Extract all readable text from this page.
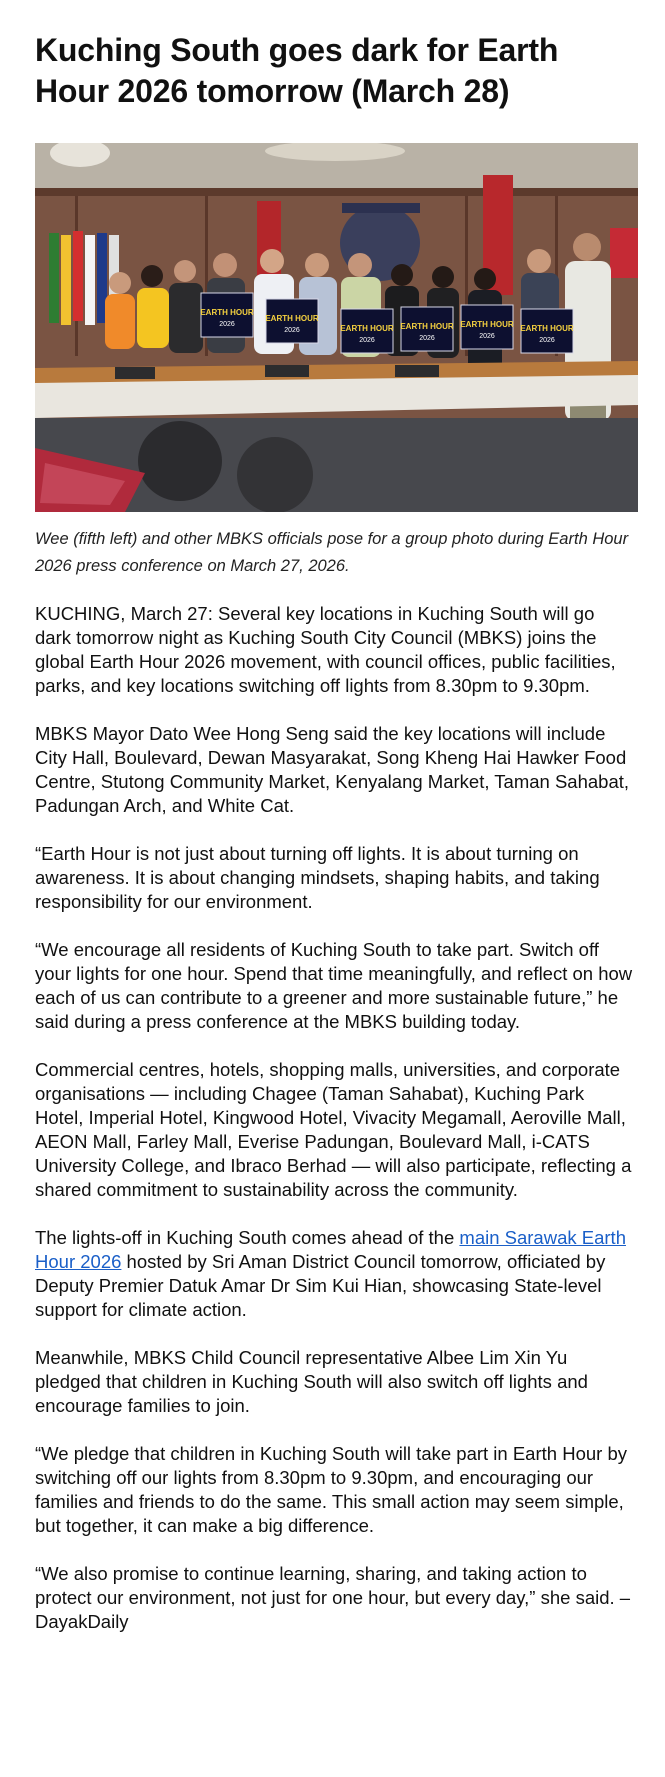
Kuching South goes dark for Earth Hour 2026 tomorrow (March 28)
EARTH HOUR
EARTH HOUR
EARTH HOUR EARTH HOUR EARTH HOUR EARTH HOUR
2026
2026
2026	2026	2026
2026

Wee (fifth left) and other MBKS officials pose for a group photo during Earth Hour 2026 press conference on March 27, 2026.

KUCHING, March 27: Several key locations in Kuching South will go dark tomorrow night as Kuching South City Council (MBKS) joins the global Earth Hour 2026 movement, with council offices, public facilities, parks, and key locations switching off lights from 8.30pm to 9.30pm.

MBKS Mayor Dato Wee Hong Seng said the key locations will include City Hall, Boulevard, Dewan Masyarakat, Song Kheng Hai Hawker Food Centre, Stutong Community Market, Kenyalang Market, Taman Sahabat, Padungan Arch, and White Cat.

“Earth Hour is not just about turning off lights. It is about turning on awareness. It is about changing mindsets, shaping habits, and taking responsibility for our environment.

“We encourage all residents of Kuching South to take part. Switch off your lights for one hour. Spend that time meaningfully, and reflect on how each of us can contribute to a greener and more sustainable future,” he said during a press conference at the MBKS building today.

Commercial centres, hotels, shopping malls, universities, and corporate organisations — including Chagee (Taman Sahabat), Kuching Park Hotel, Imperial Hotel, Kingwood Hotel, Vivacity Megamall, Aeroville Mall, AEON Mall, Farley Mall, Everise Padungan, Boulevard Mall, i-CATS University College, and Ibraco Berhad — will also participate, reflecting a shared commitment to sustainability across the community.

The lights-off in Kuching South comes ahead of the main Sarawak Earth Hour 2026 hosted by Sri Aman District Council tomorrow, officiated by Deputy Premier Datuk Amar Dr Sim Kui Hian, showcasing State-level support for climate action.

Meanwhile, MBKS Child Council representative Albee Lim Xin Yu pledged that children in Kuching South will also switch off lights and encourage families to join.

“We pledge that children in Kuching South will take part in Earth Hour by switching off our lights from 8.30pm to 9.30pm, and encouraging our families and friends to do the same. This small action may seem simple, but together, it can make a big difference.

“We also promise to continue learning, sharing, and taking action to protect our environment, not just for one hour, but every day,” she said. – DayakDaily
